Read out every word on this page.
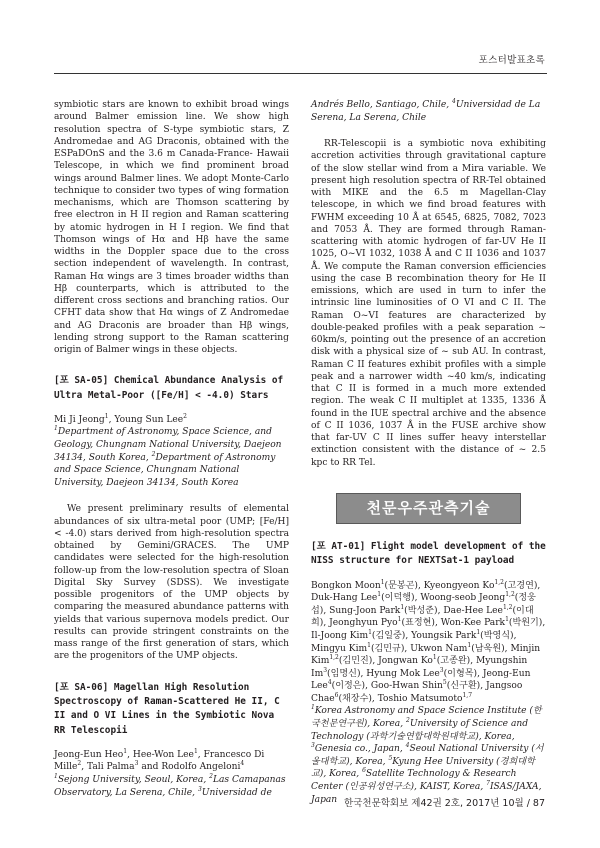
포스터발표초록

symbiotic stars are known to exhibit broad wings around Balmer emission line. We show high resolution spectra of S-type symbiotic stars, Z Andromedae and AG Draconis, obtained with the ESPaDOnS and the 3.6 m Canada-France- Hawaii Telescope, in which we find prominent broad wings around Balmer lines. We adopt Monte-Carlo technique to consider two types of wing formation mechanisms, which are Thomson scattering by free electron in H II region and Raman scattering by atomic hydrogen in H I region. We find that Thomson wings of Hα and Hβ have the same widths in the Doppler space due to the cross section independent of wavelength. In contrast, Raman Hα wings are 3 times broader widths than Hβ counterparts, which is attributed to the different cross sections and branching ratios. Our CFHT data show that Hα wings of Z Andromedae and AG Draconis are broader than Hβ wings, lending strong support to the Raman scattering origin of Balmer wings in these objects.

[포 SA-05] Chemical Abundance Analysis of Ultra Metal-Poor ([Fe/H] < -4.0) Stars

Mi Ji Jeong$^1$, Young Sun Lee$^2$

$^1$Department of Astronomy, Space Science, and Geology, Chungnam National University, Daejeon 34134, South Korea, $^2$Department of Astronomy and Space Science, Chungnam National University, Daejeon 34134, South Korea

We present preliminary results of elemental abundances of six ultra-metal poor (UMP; [Fe/H] < -4.0) stars derived from high-resolution spectra obtained by Gemini/GRACES. The UMP candidates were selected for the high-resolution follow-up from the low-resolution spectra of Sloan Digital Sky Survey (SDSS). We investigate possible progenitors of the UMP objects by comparing the measured abundance patterns with yields that various supernova models predict. Our results can provide stringent constraints on the mass range of the first generation of stars, which are the progenitors of the UMP objects.

[포 SA-06] Magellan High Resolution Spectroscopy of Raman-Scattered He II, C II and O VI Lines in the Symbiotic Nova RR Telescopii

Jeong-Eun Heo$^1$, Hee-Won Lee$^1$, Francesco Di Mille$^2$, Tali Palma$^3$ and Rodolfo Angeloni$^4$

$^1$Sejong University, Seoul, Korea, $^2$Las Camapanas Observatory, La Serena, Chile, $^3$Universidad de

Andrés Bello, Santiago, Chile, $^4$Universidad de La Serena, La Serena, Chile

RR-Telescopii is a symbiotic nova exhibiting accretion activities through gravitational capture of the slow stellar wind from a Mira variable. We present high resolution spectra of RR-Tel obtained with MIKE and the 6.5 m Magellan-Clay telescope, in which we find broad features with FWHM exceeding 10 Å at 6545, 6825, 7082, 7023 and 7053 Å. They are formed through Raman-scattering with atomic hydrogen of far-UV He II 1025, O~VI 1032, 1038 Å and C II 1036 and 1037 Å. We compute the Raman conversion efficiencies using the case B recombination theory for He II emissions, which are used in turn to infer the intrinsic line luminosities of O VI and C II. The Raman O~VI features are characterized by double-peaked profiles with a peak separation ~ 60km/s, pointing out the presence of an accretion disk with a physical size of ~ sub AU. In contrast, Raman C II features exhibit profiles with a simple peak and a narrower width ~40 km/s, indicating that C II is formed in a much more extended region. The weak C II multiplet at 1335, 1336 Å found in the IUE spectral archive and the absence of C II 1036, 1037 Å in the FUSE archive show that far-UV C II lines suffer heavy interstellar extinction consistent with the distance of ~ 2.5 kpc to RR Tel.

천문우주관측기술

[포 AT-01] Flight model development of the NISS structure for NEXTSat-1 payload

Bongkon Moon$^1$(문봉곤), Kyeongyeon Ko$^{1,2}$(고경연), Duk-Hang Lee$^1$(이덕행), Woong-seob Jeong$^{1,2}$(정웅섭), Sung-Joon Park$^1$(박성준), Dae-Hee Lee$^{1,2}$(이대희), Jeonghyun Pyo$^1$(표정현), Won-Kee Park$^1$(박원기), Il-Joong Kim$^1$(김일중), Youngsik Park$^1$(박영식), Mingyu Kim$^1$(김민규), Ukwon Nam$^1$(남욱원), Minjin Kim$^{1,2}$(김민진), Jongwan Ko$^1$(고종완), Myungshin Im$^3$(임명신), Hyung Mok Lee$^3$(이형목), Jeong-Eun Lee$^4$(이정은), Goo-Hwan Shin$^5$(신구환), Jangsoo Chae$^6$(채장수), Toshio Matsumoto$^{1,7}$

$^1$Korea Astronomy and Space Science Institute (한국천문연구원), Korea, $^2$University of Science and Technology (과학기술연합대학원대학교), Korea, $^3$Genesia co., Japan, $^4$Seoul National University (서울대학교), Korea, $^5$Kyung Hee University (경희대학교), Korea, $^6$Satellite Technology & Research Center (인공위성연구소), KAIST, Korea, $^7$ISAS/JAXA, Japan 한국천문학회보 제42권 2호, 2017년 10월 / 87
